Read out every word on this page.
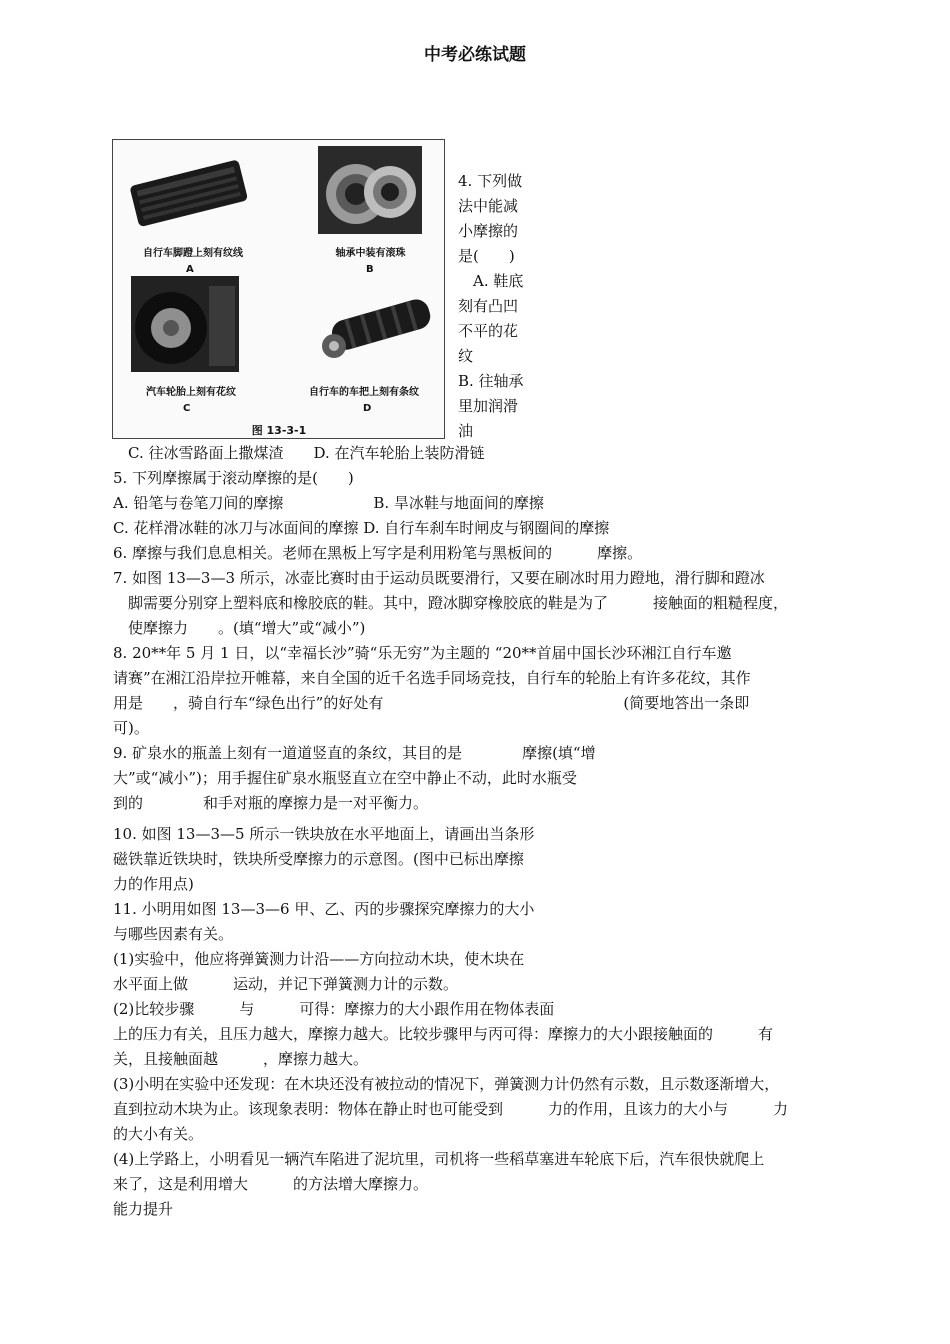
中考必练试题
自行车脚蹬上刻有纹线
A
轴承中装有滚珠
B
汽车轮胎上刻有花纹
C
自行车的车把上刻有条纹
D
图 13-3-1
4. 下列做
法中能减
小摩擦的
是(　　)
　A. 鞋底
刻有凸凹
不平的花
纹
B. 往轴承
里加润滑
油
　C. 往冰雪路面上撒煤渣　　D. 在汽车轮胎上装防滑链
5. 下列摩擦属于滚动摩擦的是(　　)
A. 铅笔与卷笔刀间的摩擦　　　　　　B. 旱冰鞋与地面间的摩擦
C. 花样滑冰鞋的冰刀与冰面间的摩擦 D. 自行车刹车时闸皮与钢圈间的摩擦
6. 摩擦与我们息息相关。老师在黑板上写字是利用粉笔与黑板间的　　　摩擦。
7. 如图 13—3—3 所示，冰壶比赛时由于运动员既要滑行，又要在刷冰时用力蹬地，滑行脚和蹬冰
　脚需要分别穿上塑料底和橡胶底的鞋。其中，蹬冰脚穿橡胶底的鞋是为了　　　接触面的粗糙程度，
　使摩擦力　　。(填“增大”或“减小”)
8. 20**年 5 月 1 日，以“幸福长沙”骑“乐无穷”为主题的 “20**首届中国长沙环湘江自行车邀
请赛”在湘江沿岸拉开帷幕，来自全国的近千名选手同场竞技，自行车的轮胎上有许多花纹，其作
用是　　，骑自行车“绿色出行”的好处有　　　　　　　　　　　　　　　　(简要地答出一条即
可)。
9. 矿泉水的瓶盖上刻有一道道竖直的条纹，其目的是　　　　摩擦(填“增
大”或“减小”)；用手握住矿泉水瓶竖直立在空中静止不动，此时水瓶受
到的　　　　和手对瓶的摩擦力是一对平衡力。
10. 如图 13—3—5 所示一铁块放在水平地面上，请画出当条形
磁铁靠近铁块时，铁块所受摩擦力的示意图。(图中已标出摩擦
力的作用点)
11. 小明用如图 13—3—6 甲、乙、丙的步骤探究摩擦力的大小
与哪些因素有关。
(1)实验中，他应将弹簧测力计沿——方向拉动木块，使木块在
水平面上做　　　运动，并记下弹簧测力计的示数。
(2)比较步骤　　　与　　　可得：摩擦力的大小跟作用在物体表面
上的压力有关，且压力越大，摩擦力越大。比较步骤甲与丙可得：摩擦力的大小跟接触面的　　　有
关，且接触面越　　　，摩擦力越大。
(3)小明在实验中还发现：在木块还没有被拉动的情况下，弹簧测力计仍然有示数，且示数逐渐增大，
直到拉动木块为止。该现象表明：物体在静止时也可能受到　　　力的作用，且该力的大小与　　　力
的大小有关。
(4)上学路上，小明看见一辆汽车陷进了泥坑里，司机将一些稻草塞进车轮底下后，汽车很快就爬上
来了，这是利用增大　　　的方法增大摩擦力。
能力提升
